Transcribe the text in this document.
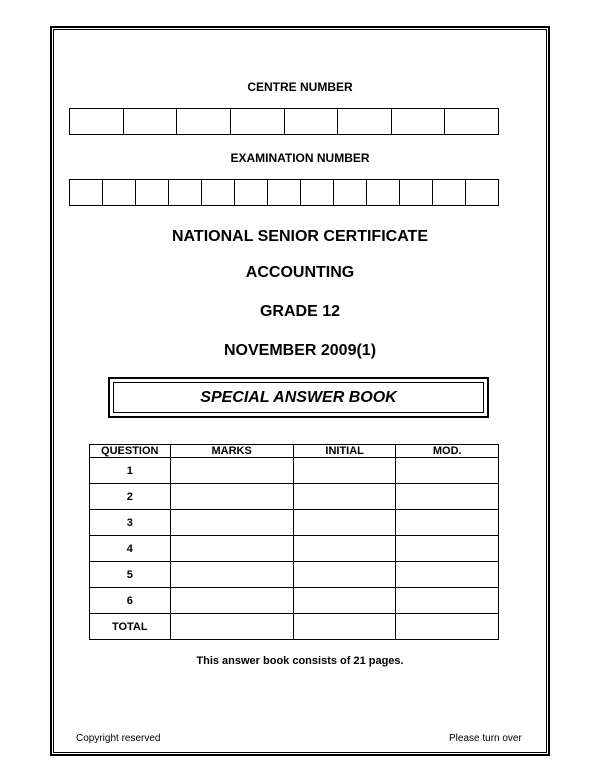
CENTRE NUMBER
EXAMINATION NUMBER
NATIONAL SENIOR CERTIFICATE
ACCOUNTING
GRADE 12
NOVEMBER 2009(1)
SPECIAL ANSWER BOOK
QUESTION	MARKS	INITIAL	MOD.
1			
2			
3			
4			
5			
6			
TOTAL			
This answer book consists of 21 pages.
Copyright reserved	Please turn over
